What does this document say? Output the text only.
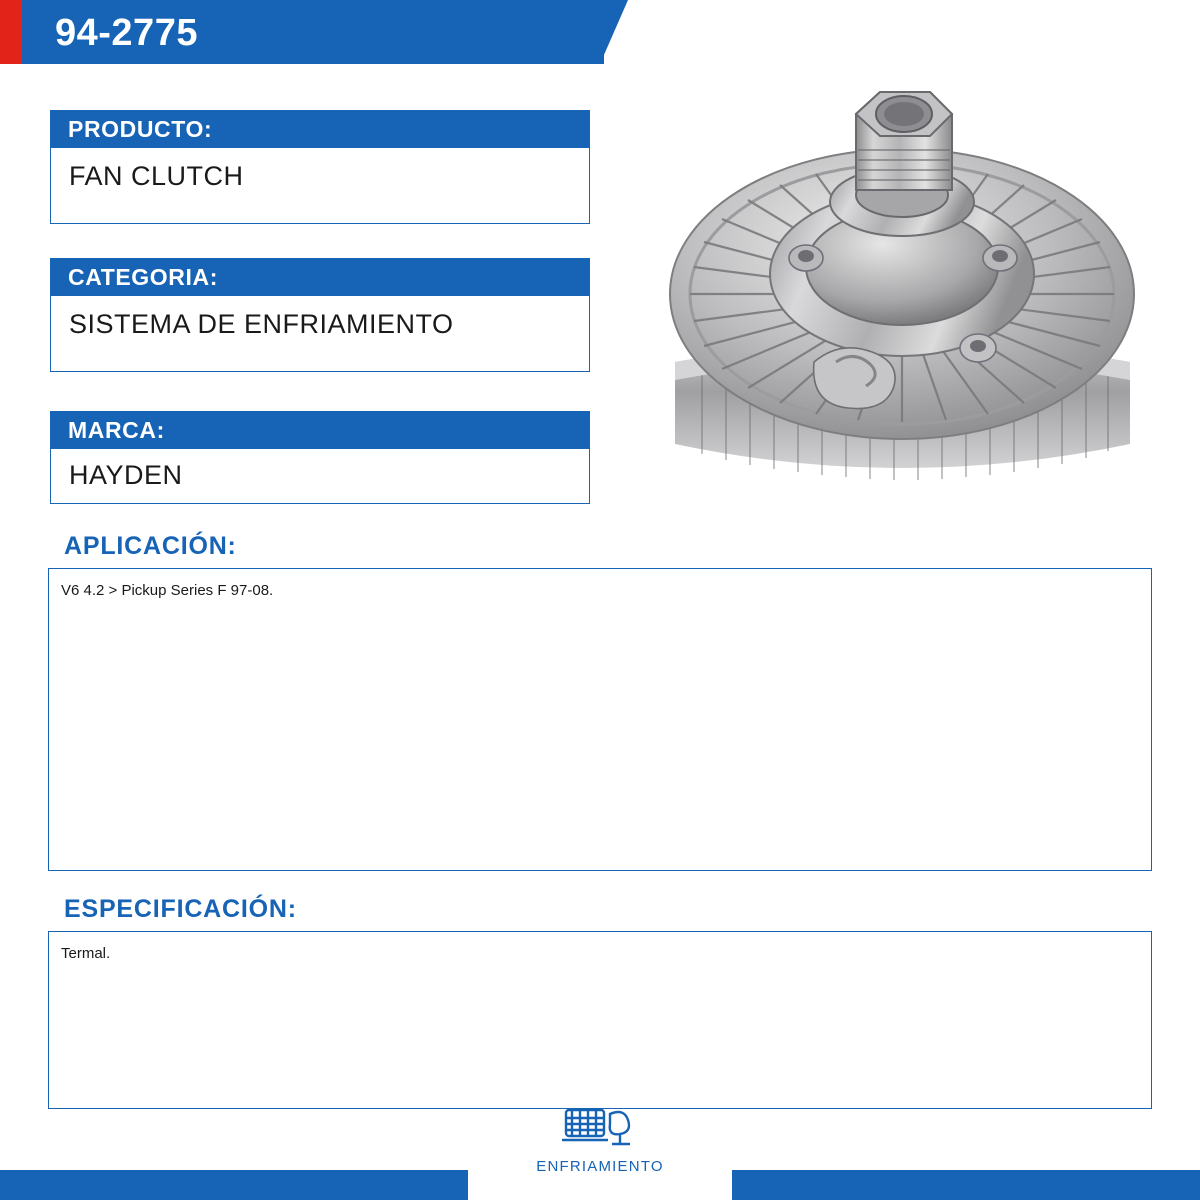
94-2775
PRODUCTO:
FAN CLUTCH
CATEGORIA:
SISTEMA DE ENFRIAMIENTO
MARCA:
HAYDEN
APLICACIÓN:
V6 4.2 > Pickup Series F 97-08.
ESPECIFICACIÓN:
Termal.
ENFRIAMIENTO
